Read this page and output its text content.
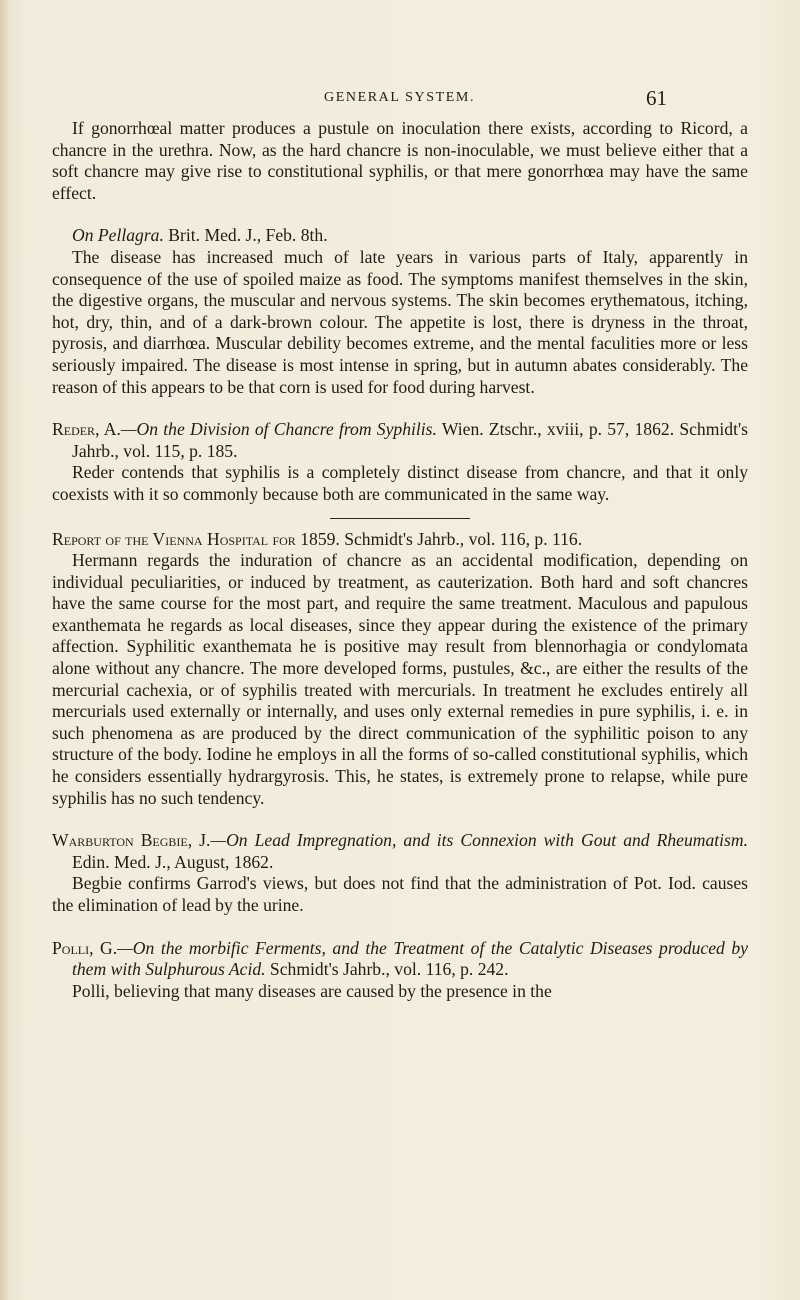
GENERAL SYSTEM.	61

If gonorrhœal matter produces a pustule on inoculation there exists, according to Ricord, a chancre in the urethra. Now, as the hard chancre is non-inoculable, we must believe either that a soft chancre may give rise to constitutional syphilis, or that mere gonorrhœa may have the same effect.

On Pellagra. Brit. Med. J., Feb. 8th.

The disease has increased much of late years in various parts of Italy, apparently in consequence of the use of spoiled maize as food. The symptoms manifest themselves in the skin, the digestive organs, the muscular and nervous systems. The skin becomes erythematous, itching, hot, dry, thin, and of a dark-brown colour. The appetite is lost, there is dryness in the throat, pyrosis, and diarrhœa. Muscular debility becomes extreme, and the mental faculities more or less seriously impaired. The disease is most intense in spring, but in autumn abates considerably. The reason of this appears to be that corn is used for food during harvest.

Reder, A.—On the Division of Chancre from Syphilis. Wien. Ztschr., xviii, p. 57, 1862. Schmidt's Jahrb., vol. 115, p. 185.

Reder contends that syphilis is a completely distinct disease from chancre, and that it only coexists with it so commonly because both are communicated in the same way.

Report of the Vienna Hospital for 1859. Schmidt's Jahrb., vol. 116, p. 116.

Hermann regards the induration of chancre as an accidental modification, depending on individual peculiarities, or induced by treatment, as cauterization. Both hard and soft chancres have the same course for the most part, and require the same treatment. Maculous and papulous exanthemata he regards as local diseases, since they appear during the existence of the primary affection. Syphilitic exanthemata he is positive may result from blennorhagia or condylomata alone without any chancre. The more developed forms, pustules, &c., are either the results of the mercurial cachexia, or of syphilis treated with mercurials. In treatment he excludes entirely all mercurials used externally or internally, and uses only external remedies in pure syphilis, i. e. in such phenomena as are produced by the direct communication of the syphilitic poison to any structure of the body. Iodine he employs in all the forms of so-called constitutional syphilis, which he considers essentially hydrargyrosis. This, he states, is extremely prone to relapse, while pure syphilis has no such tendency.

Warburton Begbie, J.—On Lead Impregnation, and its Connexion with Gout and Rheumatism. Edin. Med. J., August, 1862.

Begbie confirms Garrod's views, but does not find that the administration of Pot. Iod. causes the elimination of lead by the urine.

Polli, G.—On the morbific Ferments, and the Treatment of the Catalytic Diseases produced by them with Sulphurous Acid. Schmidt's Jahrb., vol. 116, p. 242.

Polli, believing that many diseases are caused by the presence in the
